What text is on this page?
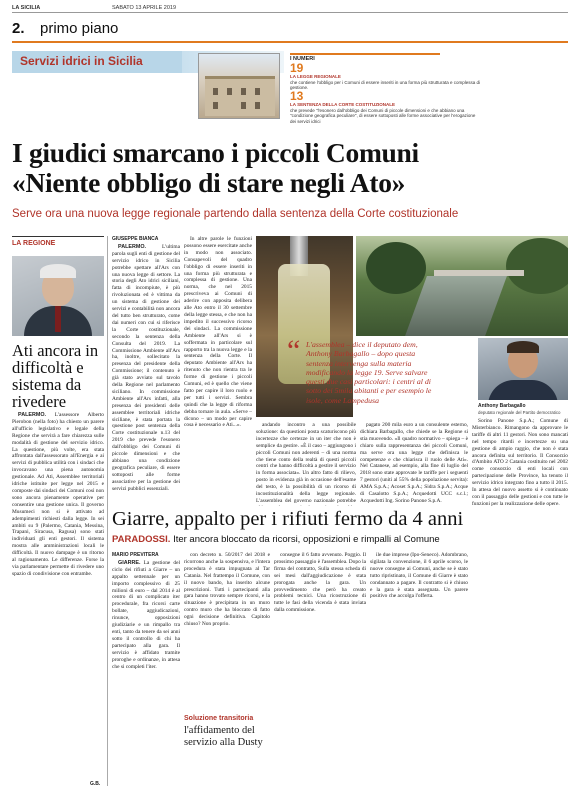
LA SICILIA	SABATO 13 APRILE 2019
2. primo piano
Servizi idrici in Sicilia	I NUMERI
19
LA LEGGE REGIONALE
che contiene l'obbligo per i Comuni di essere inseriti in una forma più strutturata e complessa di gestione.
13
LA SENTENZA DELLA CORTE COSTITUZIONALE
che prevede "l'esonero dall'obbligo dei Comuni di piccole dimensioni e che abbiano una "condizione geografica peculiare", di essere sottoposti alle forme associative per l'erogazione dei servizi idrici
I giudici smarcano i piccoli Comuni
«Niente obbligo di stare negli Ato»
Serve ora una nuova legge regionale partendo dalla sentenza della Corte costituzionale
LA REGIONE
Ati ancora in difficoltà e sistema da rivedere

PALERMO. L'assessore Alberto Pierobon (nella foto) ha chiesto un parere all'ufficio legislativo e legale della Regione che servirà a fare chiarezza sulle modalità di gestione del servizio idrico. La questione, più volte, era stata affrontata dall'assessorato all'Energia e ai servizi di pubblica utilità con i sindaci che invocavano una piena autonomia gestionale. Ad Ati, Assemblee territoriali idriche istituite per legge nel 2015 e composte dai sindaci dei Comuni così non sono ancora pienamente operative per consentire una gestione unica. Il governo Musumeci non si è attivato ad adempimenti richiesti dalla legge. In sei ambiti su 9 (Palermo, Catania, Messina, Trapani, Siracusa, Ragusa) sono stati individuati gli enti gestori. Il sistema mostra alle amministrazioni locali le difficoltà. Il nuovo dampage è un ritorno al ragionamento. Le differenze. Forse la via parlamentare permette di rivedere uno spazio di condivisione con entrambe.

G.B.
GIUSEPPE BIANCA

PALERMO.	L'ultima parola sugli enti di gestione del servizio idrico in Sicilia potrebbe spettare all'Ars con una nuova legge di settore. La storia degli Ato idrici siciliani, fatta di incompiute, è più rivoluzionata ed è vittima da un sistema di gestione dei servizi e contabilità non ancora del tutto ben strutturato, come dai numeri con cui si riferisce la Corte costituzionale, secondo la sentenza della Consulta del 2019. La Commissione Ambiente all'Ars ha, inoltre, sollecitato la presenza del presidente della Commissione; il contenuto è già stato avviato sul tavolo della Regione nel parlamento siciliano. In commissione Ambiente all'Ars infatti, alla presenza dei presidenti delle assemblee territoriali idriche siciliane, è stata portata la questione post sentenza della Corte costituzionale n.13 del 2019 che prevede l'esonero dall'obbligo dei Comuni di piccole dimensioni e che abbiano una condizione geografica peculiare, di essere sottoposti alle forme associative per la gestione dei servizi pubblici essenziali.

In altre parole le funzioni possono essere esercitate anche in modo non associato. Consapevoli del quadro l'obbligo di essere inseriti in una forma più strutturata e complessa di gestione. Una norma, che nel 2015 prescriveva ai Comuni di aderire con apposita delibera alle Ato entro il 30 settembre della legge stessa, e che non ha impedito il successivo ricorso dei sindaci. La commissione Ambiente all'Ars si è soffermata in particolare sul rapporto tra la nuova legge e la sentenza della Corte. Il deputato Ambiente all'Ars ha ritenuto che non rientra tra le forme di gestione i piccoli Comuni, ed è quello che viene fatto per capire il loro ruolo e per tutti i servizi. Sembra quindi che la legge di riforma debba tornare in aula. «Serve – dicono – un modo per capire cosa è necessario e Ati...».

“ L'assemblea – dice il deputato dem, Anthony Barbagallo – dopo questa sentenza intervenga sulla materia modificando la legge 19. Serve salvare questi due casi particolari: i centri al di sotto dei 5mila abitanti e per esempio le isole, come Lampedusa
Anthony Barbagallo
deputato regionale del Partito democratico

andando incontro a una possibile soluzione: da questioni posta scaturiscono più incertezze che certezze in un iter che non è semplice da gestire. «È il caso – aggiungono i piccoli Comuni non aderenti – di una norma che tiene conto della realtà di questi piccoli centri che hanno difficoltà a gestire il servizio in forma associata». Un altro fatto di rilievo, posto in evidenza già in occasione dell'esame del testo, è la possibilità di un ricorso di incostituzionalità della legge regionale. L'assemblea del governo nazionale potrebbe

pagato 200 mila euro a un consulente esterno, dichiara Barbagallo, che chiede se la Regione si stia muovendo. «Il quadro normativo – spiega – è chiaro sulla rappresentanza dei piccoli Comuni, ma serve ora una legge che definisca le competenze e che chiarisca il ruolo delle Ati». Nel Catanese, ad esempio, alla fine di luglio del 2018 sono state approvate le tariffe per i seguenti 7 gestori (uniti al 55% della popolazione servita): AMA S.p.A.; Acoset S.p.A.; Sidra S.p.A.; Acque di Casalotto S.p.A.; Acquedotti UCC s.c.l.; Acquedotti Ing. Sorino Panone S.p.A.

Sorino Panone S.p.A.; Comune di Misterbianco. Rimangono da approvare le tariffe di altri 11 gestori. Non sono mancati nel tempo ritardi e incertezze su una gestione di ampio raggio, che non è stata ancora definita sul territorio. Il Consorzio d'Ambito ATO 2 Catania costituito nel 2002 come consorzio di enti locali con partecipazione delle Province, ha tenuto il servizio idrico integrato fino a tutto il 2015. In attesa del nuovo assetto si è continuato con il passaggio delle gestioni e con tutte le funzioni per la realizzazione delle opere.

Giarre, appalto per i rifiuti fermo da 4 anni
PARADOSSI. Iter ancora bloccato da ricorsi, opposizioni e rimpalli al Comune
MARIO PREVITERA

GIARRE. La gestione del ciclo dei rifiuti a Giarre – un appalto settennale per un importo complessivo di 25 milioni di euro – dal 2014 è al centro di un complicato iter procedurale, fra ricorsi carte bollate, aggiudicazioni, rinunce, opposizioni giudiziarie e un rimpallo tra enti, tanto da tenere da sei anni sotto il controllo di chi ha partecipato alla gara. Il servizio è affidato tramite proroghe e ordinanze, in attesa che si completi l'iter.

con decreto n. 50/2017 del 2018 e ricorrono anche la sospensiva, e l'intera procedura è stata impugnata al Tar Catania. Nel frattempo il Comune, con il nuovo bando, ha inserito alcune prescrizioni. Tutti i partecipanti alla gara hanno trovato sempre ricorsi, e la situazione è precipitata in un muro contro muro che ha bloccato di fatto ogni decisione definitiva. Capitolo chiuso? Non proprio.

Soluzione transitoria
l'affidamento del servizio alla Dusty

consegne il 6 fatto avvenuto. Poggio. Il prossimo passaggio è l'assemblea. Dopo la firma del contratto, Sulla stessa scheda di sei mesi dall'aggiudicazione è stata prorogata anche la gara. Un provvedimento che però ha creato problemi tecnici. Una ricostruzione di tutte le fasi della vicenda è stata inviata dalla commissione.

ile due imprese (Ipo-Seneco). Adombrano, sigilata la convenzione, il 6 aprile scorso, le nuove consegne ai Comuni, anche se è stato tutto ripristinato, il Comune di Giarre è stato condannato a pagare. Il contratto si è chiuso e la gara è stata assegnata. Un parere positivo che accolga l'offerta.
